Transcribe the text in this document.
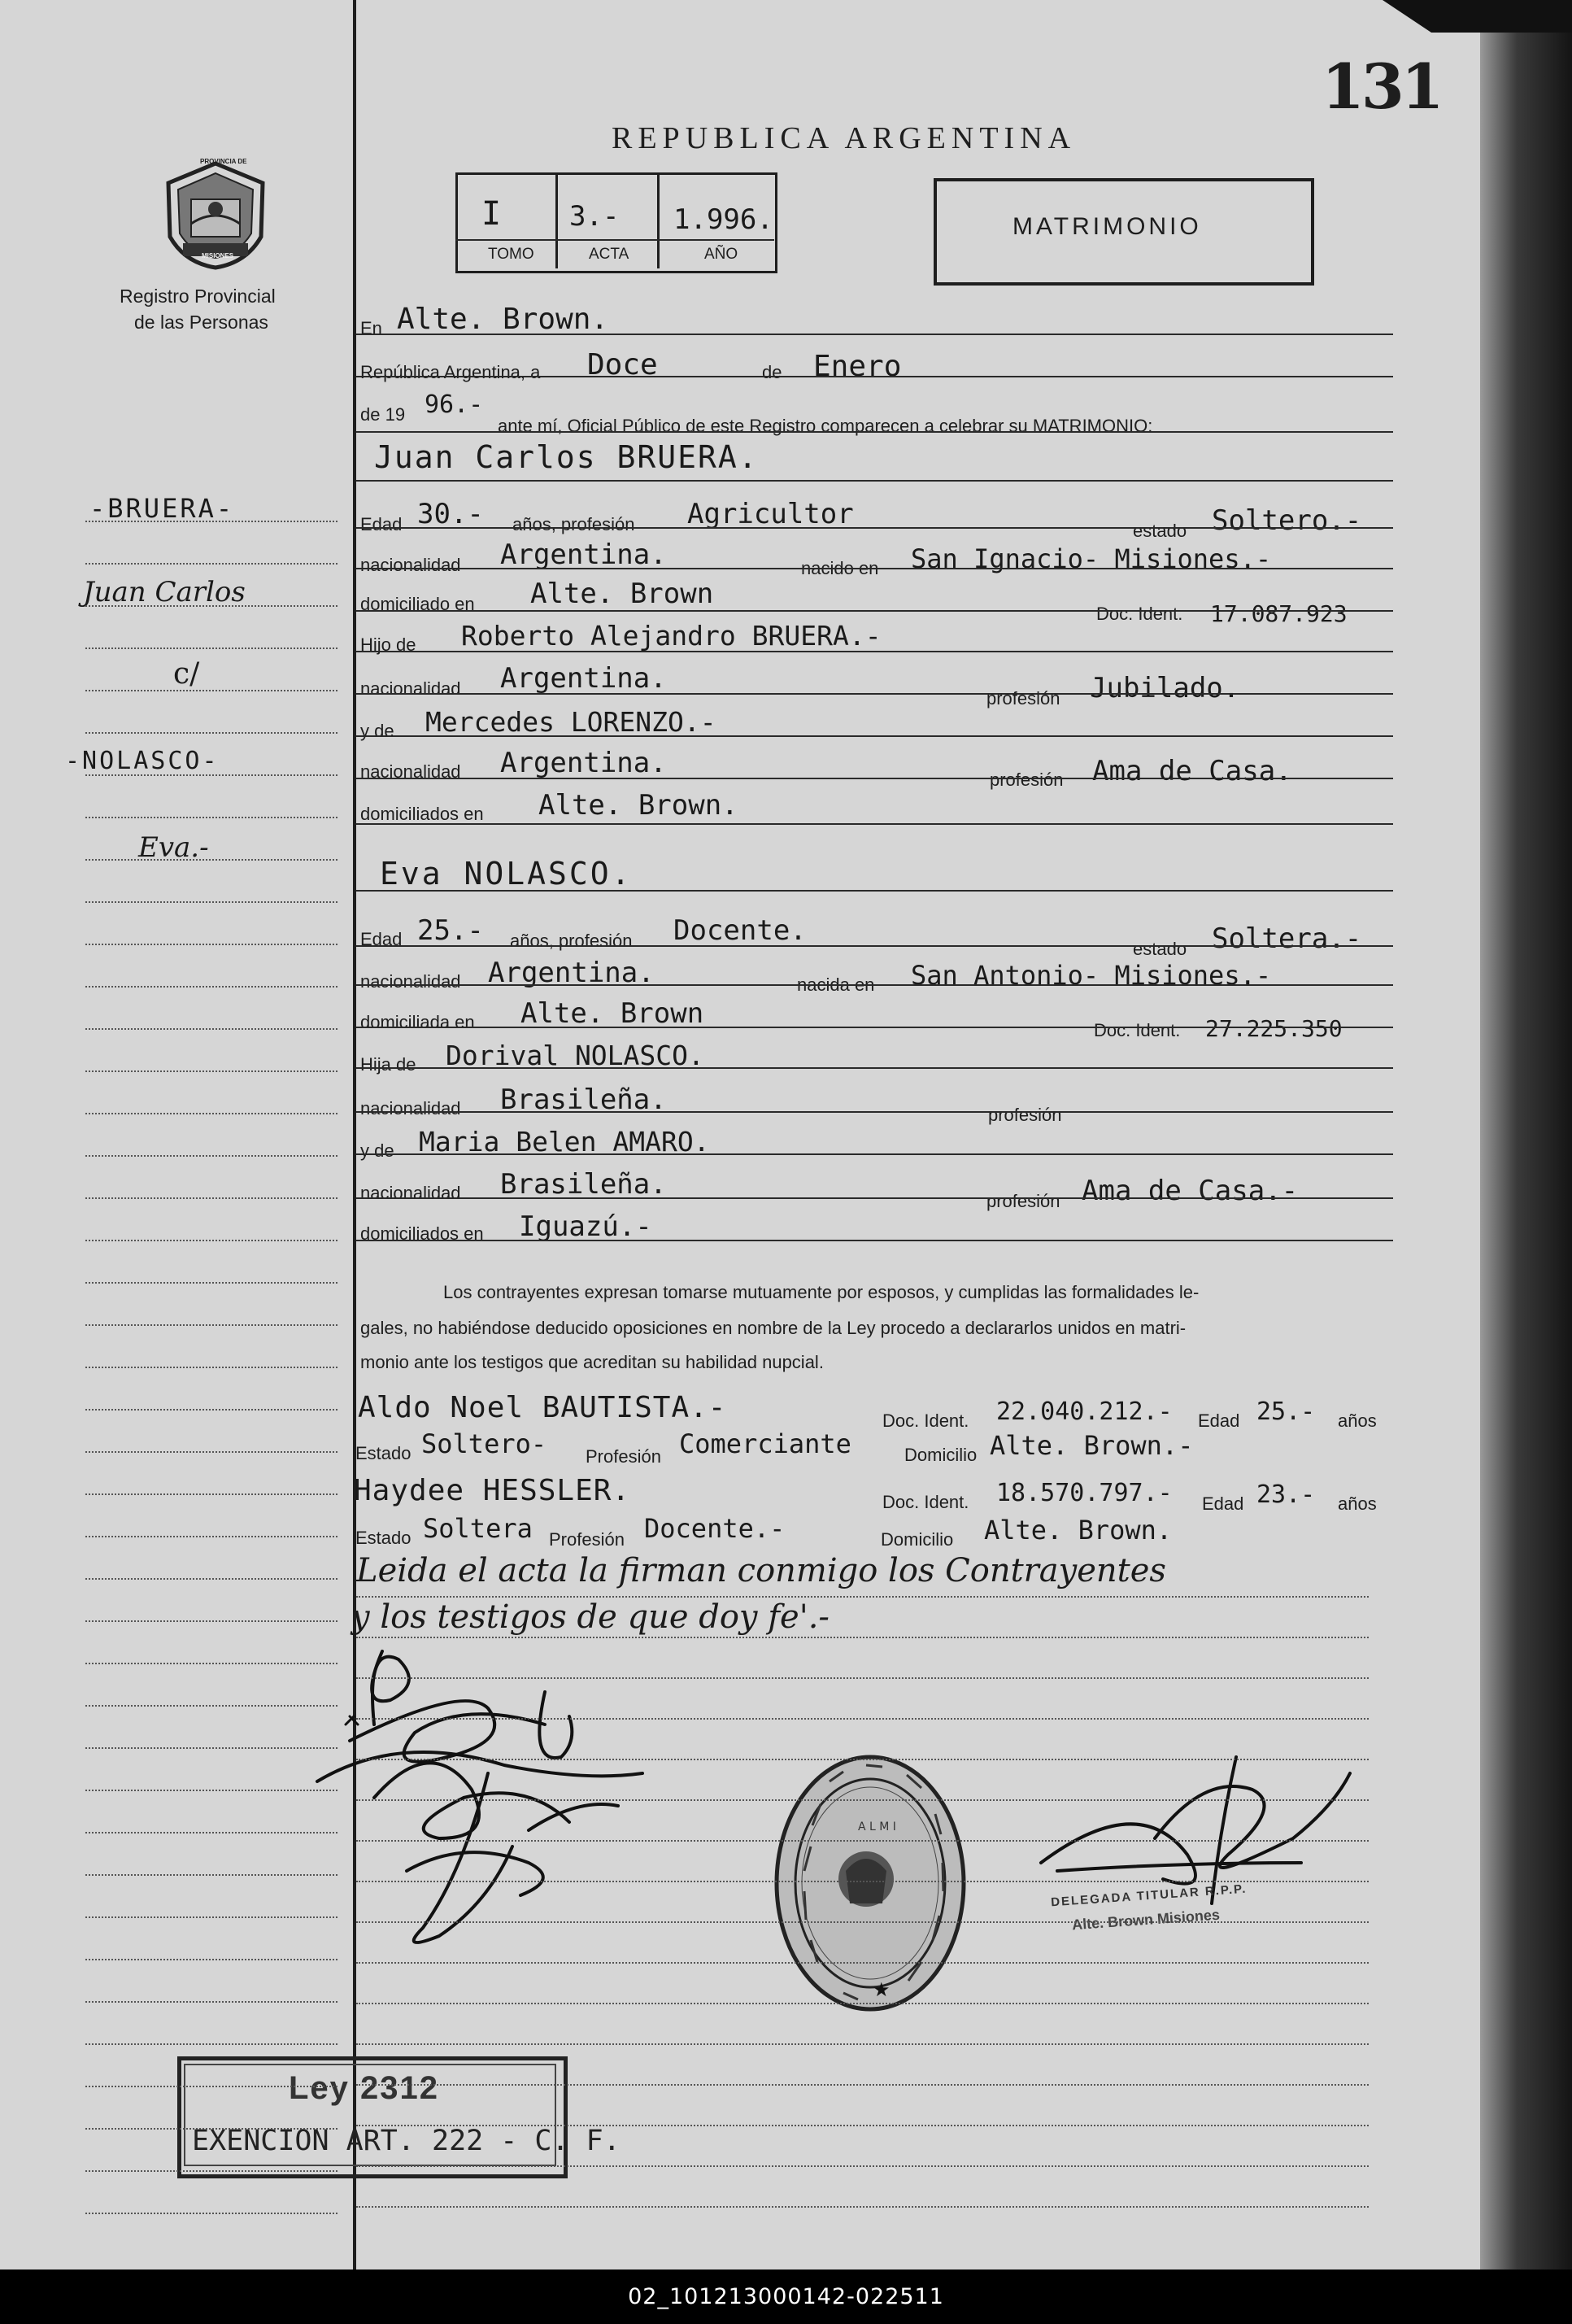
131
REPUBLICA ARGENTINA
PROVINCIA DE
MISIONES
Registro Provincial
de las Personas
I 3.- 1.996.
TOMO	ACTA	AÑO
MATRIMONIO
-BRUERA-
Juan Carlos
c/
-NOLASCO-
Eva.-
En Alte. Brown.
República Argentina, a Doce	de Enero
de 19 96.-
ante mí, Oficial Público de este Registro comparecen a celebrar su MATRIMONIO:
Juan Carlos BRUERA.
Edad 30.- años, profesión Agricultor
estado Soltero.-
nacionalidad Argentina.	nacido en San Ignacio- Misiones.-
domiciliado en Alte. Brown
Doc. Ident. 17.087.923
Hijo de Roberto Alejandro BRUERA.-
nacionalidad Argentina.
profesión Jubilado.
y de Mercedes LORENZO.-
nacionalidad Argentina.
profesión Ama de Casa.
domiciliados en Alte. Brown.
Eva NOLASCO.
Edad 25.- años, profesión Docente.
estado Soltera.-
nacionalidad Argentina.	nacida en San Antonio- Misiones.-
domiciliada en Alte. Brown
Doc. Ident. 27.225.350
Hija de Dorival NOLASCO.
nacionalidad Brasileña.	profesión
y de Maria Belen AMARO.
nacionalidad Brasileña.
profesión Ama de Casa.-
domiciliados en Iguazú.-
Los contrayentes expresan tomarse mutuamente por esposos, y cumplidas las formalidades le-
gales, no habiéndose deducido oposiciones en nombre de la Ley procedo a declararlos unidos en matri-
monio ante los testigos que acreditan su habilidad nupcial.
Aldo Noel BAUTISTA.-	Doc. Ident. 22.040.212.- Edad 25.- años
Estado Soltero- Profesión Comerciante	Domicilio Alte. Brown.-
Haydee HESSLER.	Doc. Ident. 18.570.797.- Edad 23.- años
Estado Soltera Profesión Docente.-	Domicilio Alte. Brown.
Leida el acta la firman conmigo los Contrayentes
y los testigos de que doy fe'.-
DELEGADA TITULAR R.P.P.
Alte. Brown Misiones
A L M I
★
Ley 2312
EXENCION ART. 222 - C. F.
02_101213000142-022511
